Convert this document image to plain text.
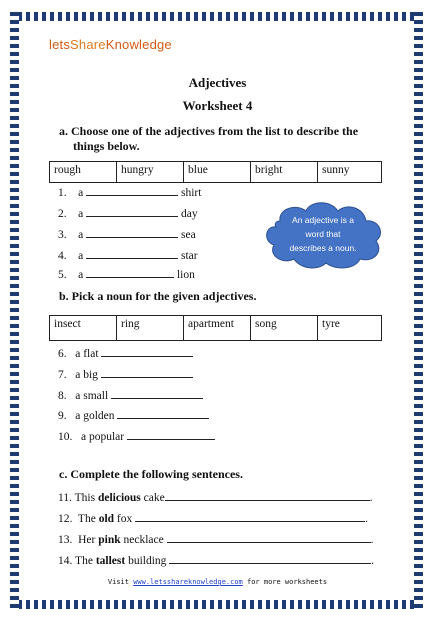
letsShareKnowledge
Adjectives
Worksheet 4
a. Choose one of the adjectives from the list to describe the
things below.
rough	hungry	blue	bright	sunny
1. a	shirt
2. a	day
3. a	sea
4. a	star
5. a	lion
An adjective is a
word that
describes a noun.
b. Pick a noun for the given adjectives.
insect	ring	apartment	song	tyre
6. a flat
7. a big
8. a small
9. a golden
10. a popular
c. Complete the following sentences.
11. This delicious cake	.
12. The old fox	.
13. Her pink necklace	.
14. The tallest building	.
Visit www.letsshareknowledge.com for more worksheets
